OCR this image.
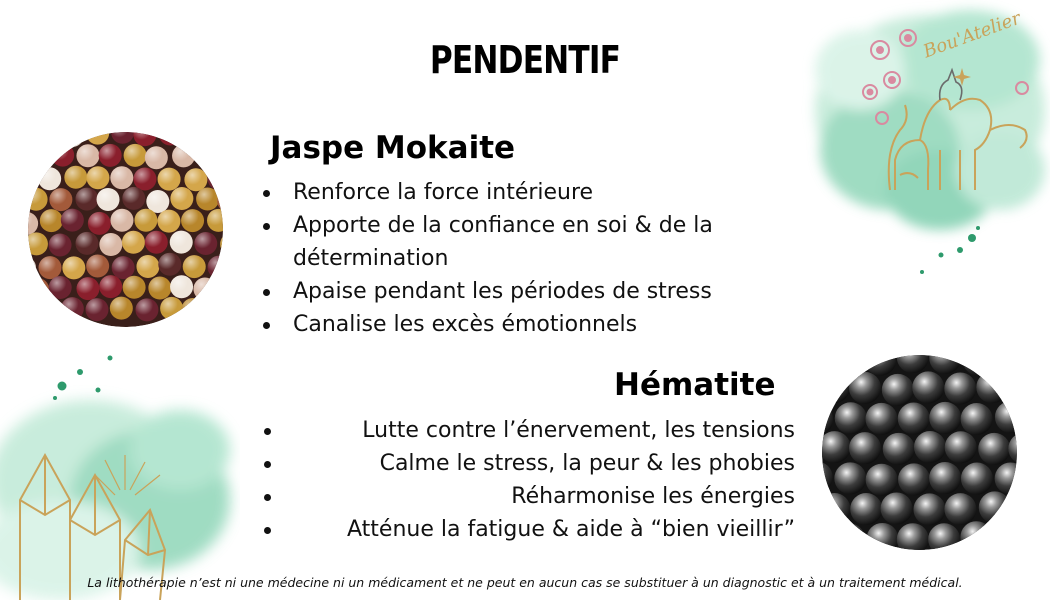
Bou'Atelier
PENDENTIF
Jaspe Mokaite
Renforce la force intérieure
Apporte de la confiance en soi & de la détermination
Apaise pendant les périodes de stress
Canalise les excès émotionnels
Hématite
Lutte contre l’énervement, les tensions
Calme le stress, la peur & les phobies
Réharmonise les énergies
Atténue la fatigue & aide à “bien vieillir”
La lithothérapie n’est ni une médecine ni un médicament et ne peut en aucun cas se substituer à un diagnostic et à un traitement médical.
